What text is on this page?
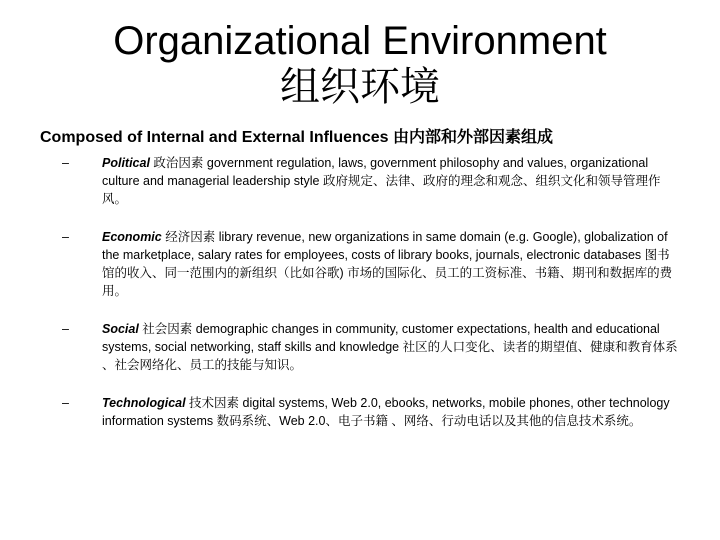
Organizational Environment
组织环境
Composed of Internal and External Influences 由内部和外部因素组成
–	Political 政治因素 government regulation, laws, government philosophy and values, organizational culture and managerial leadership style 政府规定、法律、政府的理念和观念、组织文化和领导管理作风。
–	Economic 经济因素 library revenue, new organizations in same domain (e.g. Google), globalization of the marketplace, salary rates for employees, costs of library books, journals, electronic databases 图书馆的收入、同一范围内的新组织（比如谷歌) 市场的国际化、员工的工资标准、书籍、期刊和数据库的费用。
–	Social 社会因素 demographic changes in community, customer expectations, health and educational systems, social networking, staff skills and knowledge 社区的人口变化、读者的期望值、健康和教育体系 、社会网络化、员工的技能与知识。
–	Technological 技术因素 digital systems, Web 2.0, ebooks, networks, mobile phones, other technology information systems 数码系统、Web 2.0、电子书籍 、网络、行动电话以及其他的信息技术系统。
